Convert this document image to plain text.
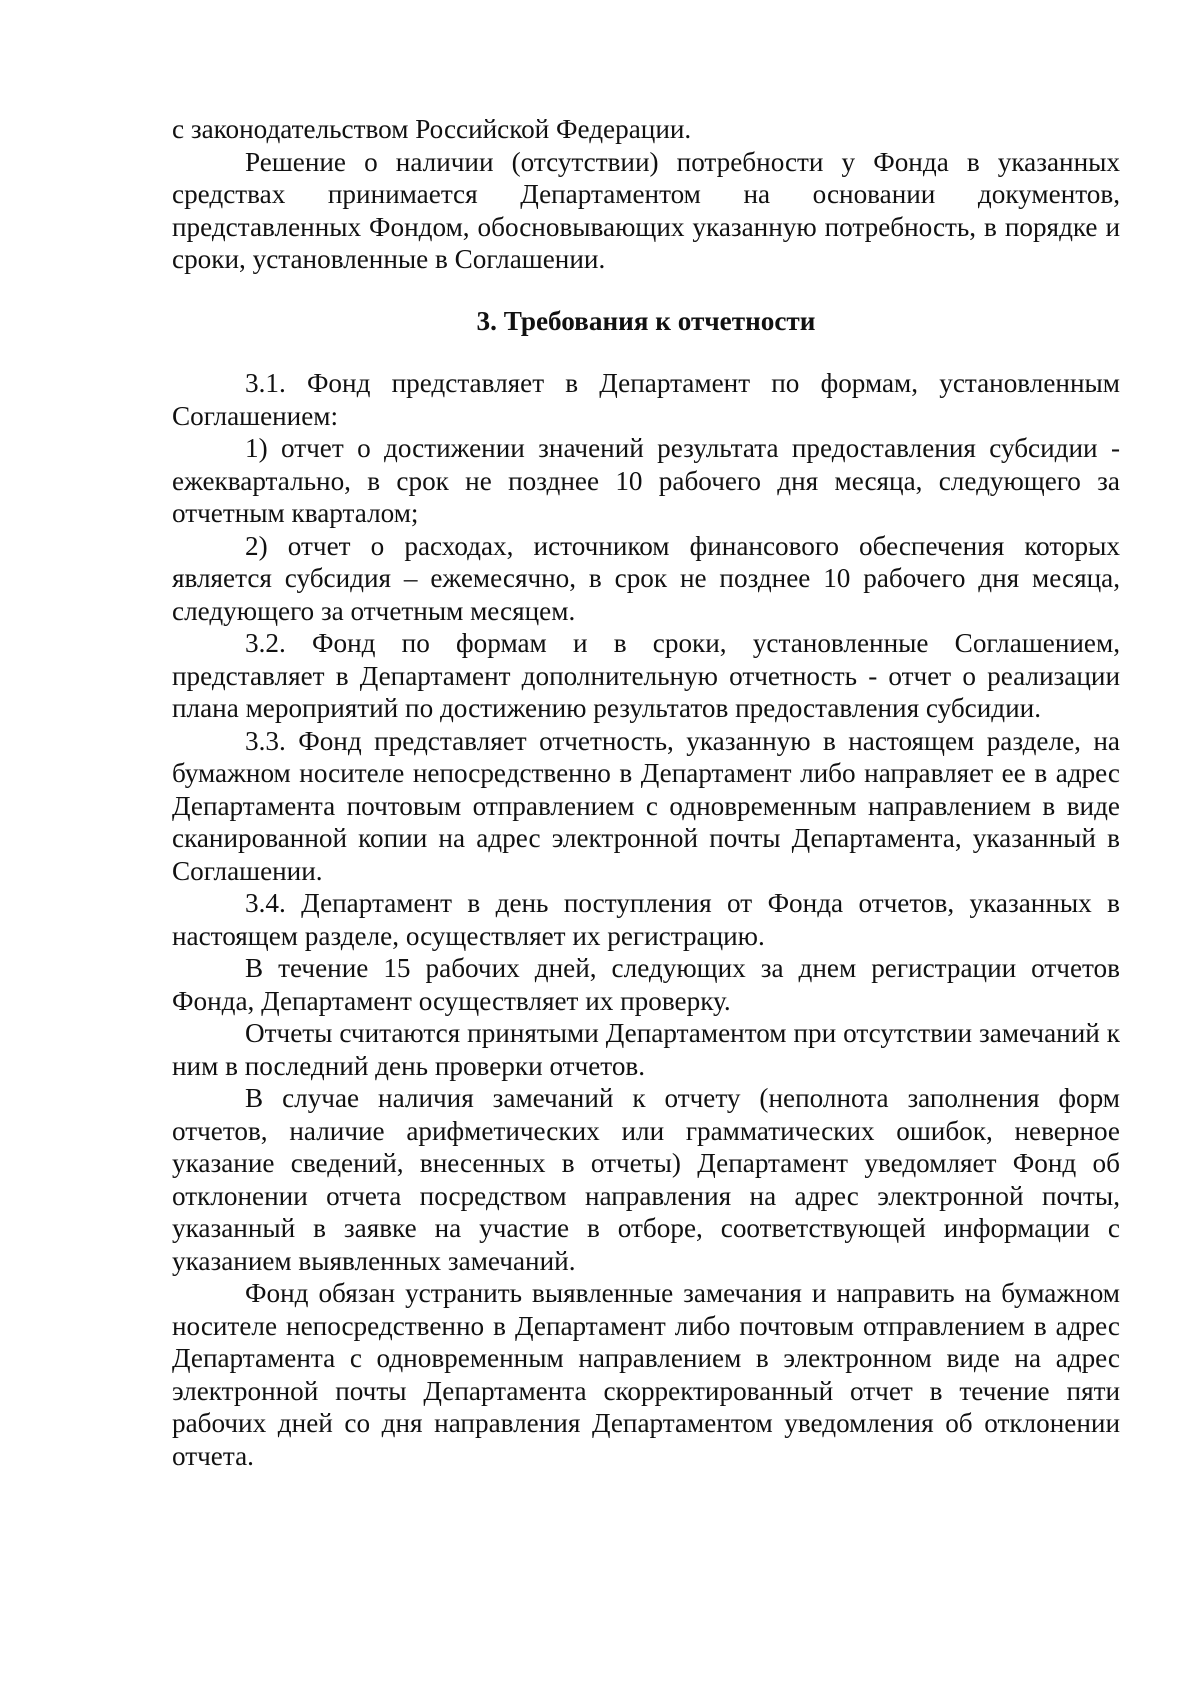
с законодательством Российской Федерации.

Решение о наличии (отсутствии) потребности у Фонда в указанных средствах принимается Департаментом на основании документов, представленных Фондом, обосновывающих указанную потребность, в порядке и сроки, установленные в Соглашении.

3. Требования к отчетности

3.1. Фонд представляет в Департамент по формам, установленным Соглашением:

1) отчет о достижении значений результата предоставления субсидии - ежеквартально, в срок не позднее 10 рабочего дня месяца, следующего за отчетным кварталом;

2) отчет о расходах, источником финансового обеспечения которых является субсидия – ежемесячно, в срок не позднее 10 рабочего дня месяца, следующего за отчетным месяцем.

3.2. Фонд по формам и в сроки, установленные Соглашением, представляет в Департамент дополнительную отчетность - отчет о реализации плана мероприятий по достижению результатов предоставления субсидии.

3.3. Фонд представляет отчетность, указанную в настоящем разделе, на бумажном носителе непосредственно в Департамент либо направляет ее в адрес Департамента почтовым отправлением с одновременным направлением в виде сканированной копии на адрес электронной почты Департамента, указанный в Соглашении.

3.4. Департамент в день поступления от Фонда отчетов, указанных в настоящем разделе, осуществляет их регистрацию.

В течение 15 рабочих дней, следующих за днем регистрации отчетов Фонда, Департамент осуществляет их проверку.

Отчеты считаются принятыми Департаментом при отсутствии замечаний к ним в последний день проверки отчетов.

В случае наличия замечаний к отчету (неполнота заполнения форм отчетов, наличие арифметических или грамматических ошибок, неверное указание сведений, внесенных в отчеты) Департамент уведомляет Фонд об отклонении отчета посредством направления на адрес электронной почты, указанный в заявке на участие в отборе, соответствующей информации с указанием выявленных замечаний.

Фонд обязан устранить выявленные замечания и направить на бумажном носителе непосредственно в Департамент либо почтовым отправлением в адрес Департамента с одновременным направлением в электронном виде на адрес электронной почты Департамента скорректированный отчет в течение пяти рабочих дней со дня направления Департаментом уведомления об отклонении отчета.
